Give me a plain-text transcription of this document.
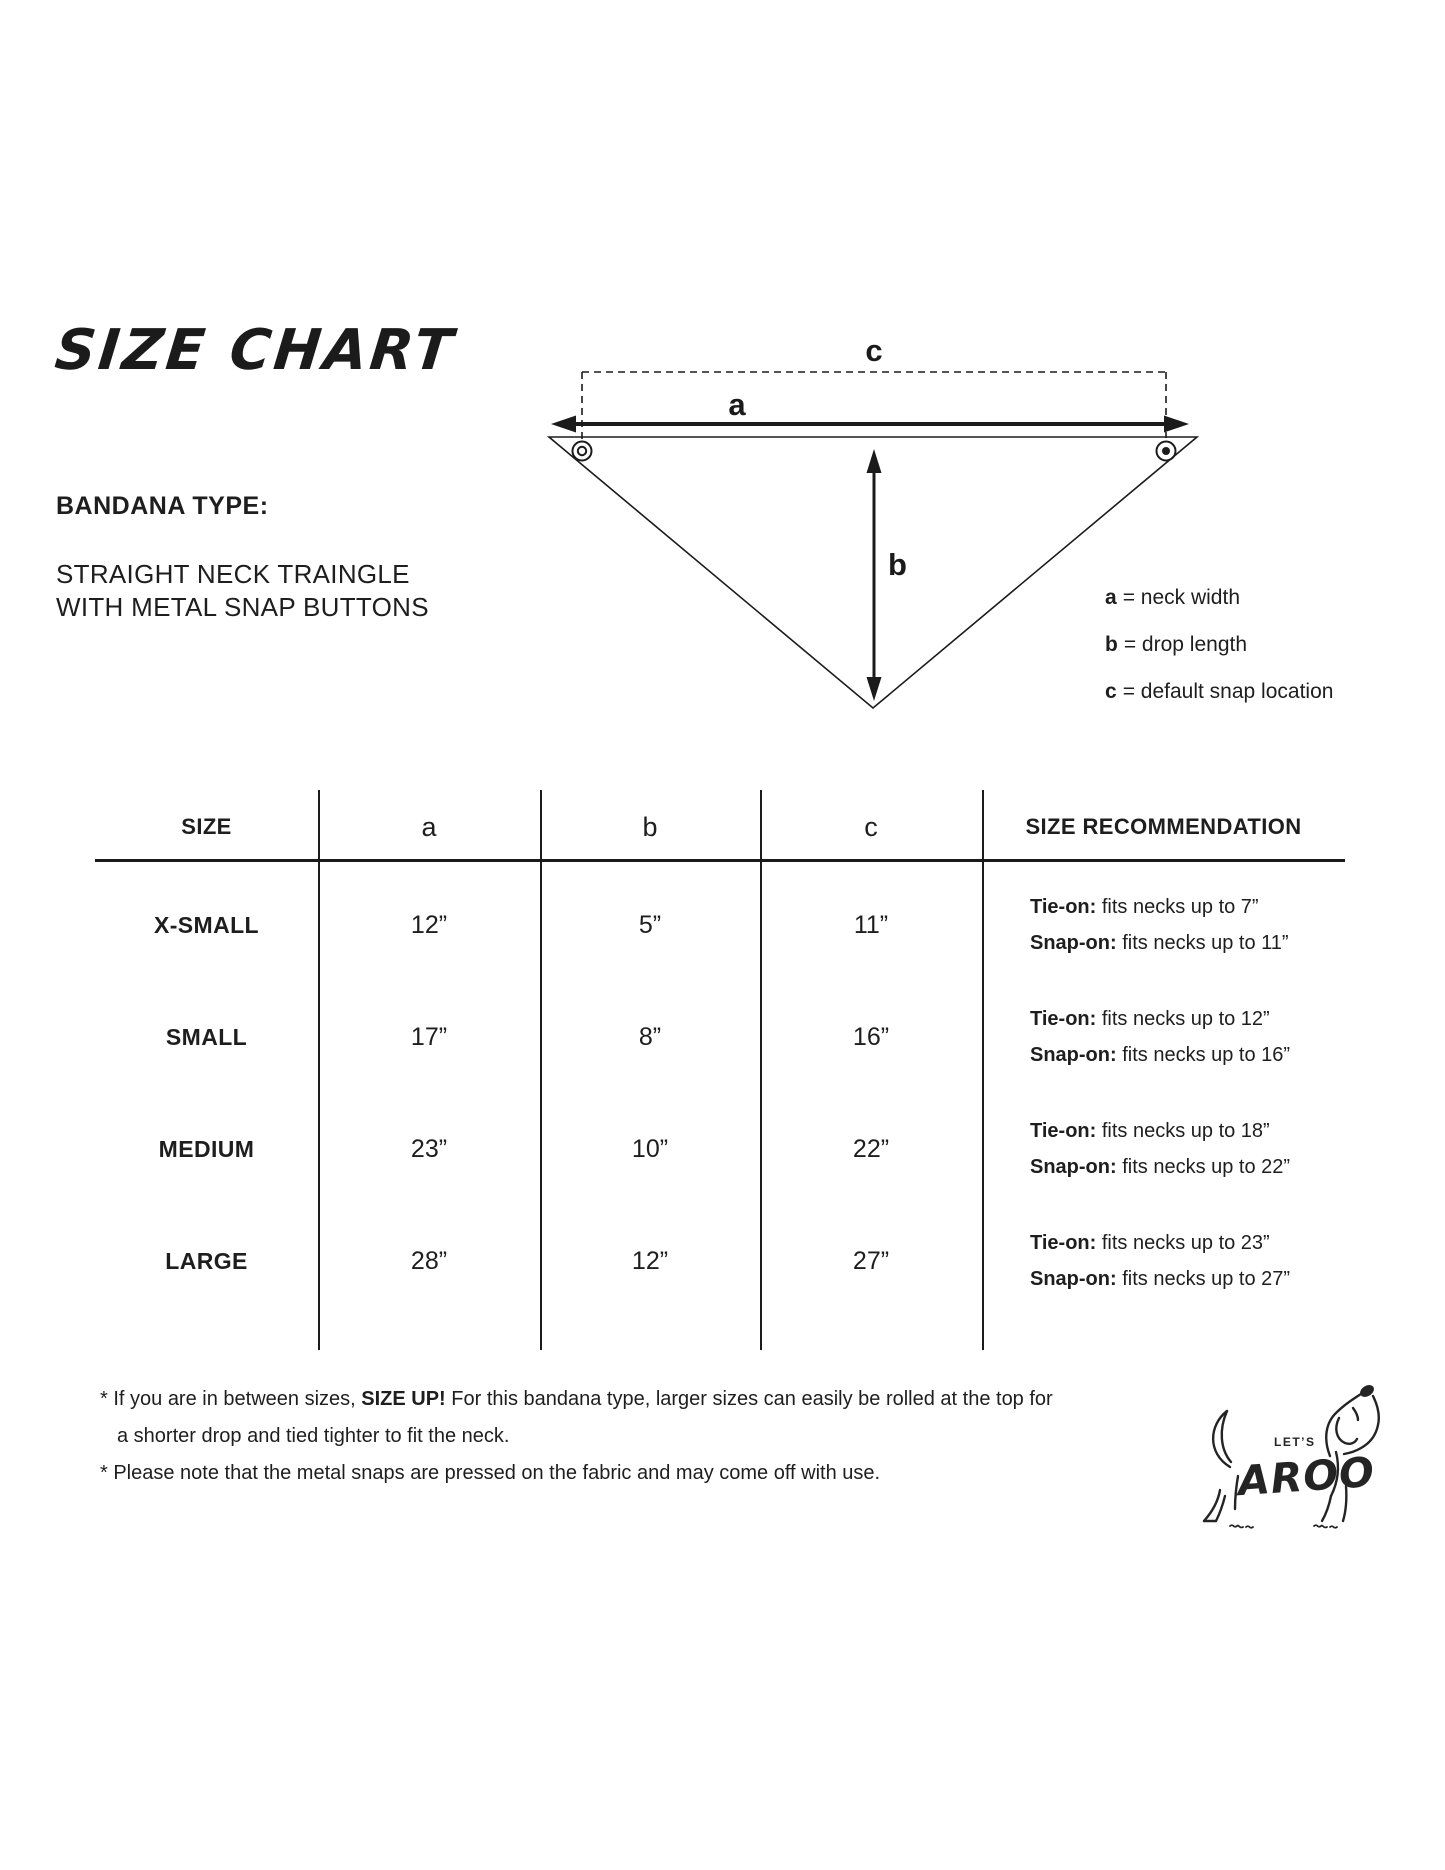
SIZE CHART
BANDANA TYPE:
STRAIGHT NECK TRAINGLE
WITH METAL SNAP BUTTONS
c
a
b
a = neck width
b = drop length
c = default snap location
SIZE	a	b	c	SIZE RECOMMENDATION
X-SMALL	12”	5”	11”
Tie-on: fits necks up to 7”
Snap-on: fits necks up to 11”
SMALL	17”	8”	16”
Tie-on: fits necks up to 12”
Snap-on: fits necks up to 16”
MEDIUM	23”	10”	22”
Tie-on: fits necks up to 18”
Snap-on: fits necks up to 22”
LARGE	28”	12”	27”
Tie-on: fits necks up to 23”
Snap-on: fits necks up to 27”
* If you are in between sizes, SIZE UP! For this bandana type, larger sizes can easily be rolled at the top for
a shorter drop and tied tighter to fit the neck.
* Please note that the metal snaps are pressed on the fabric and may come off with use.
LET’S
AROO
